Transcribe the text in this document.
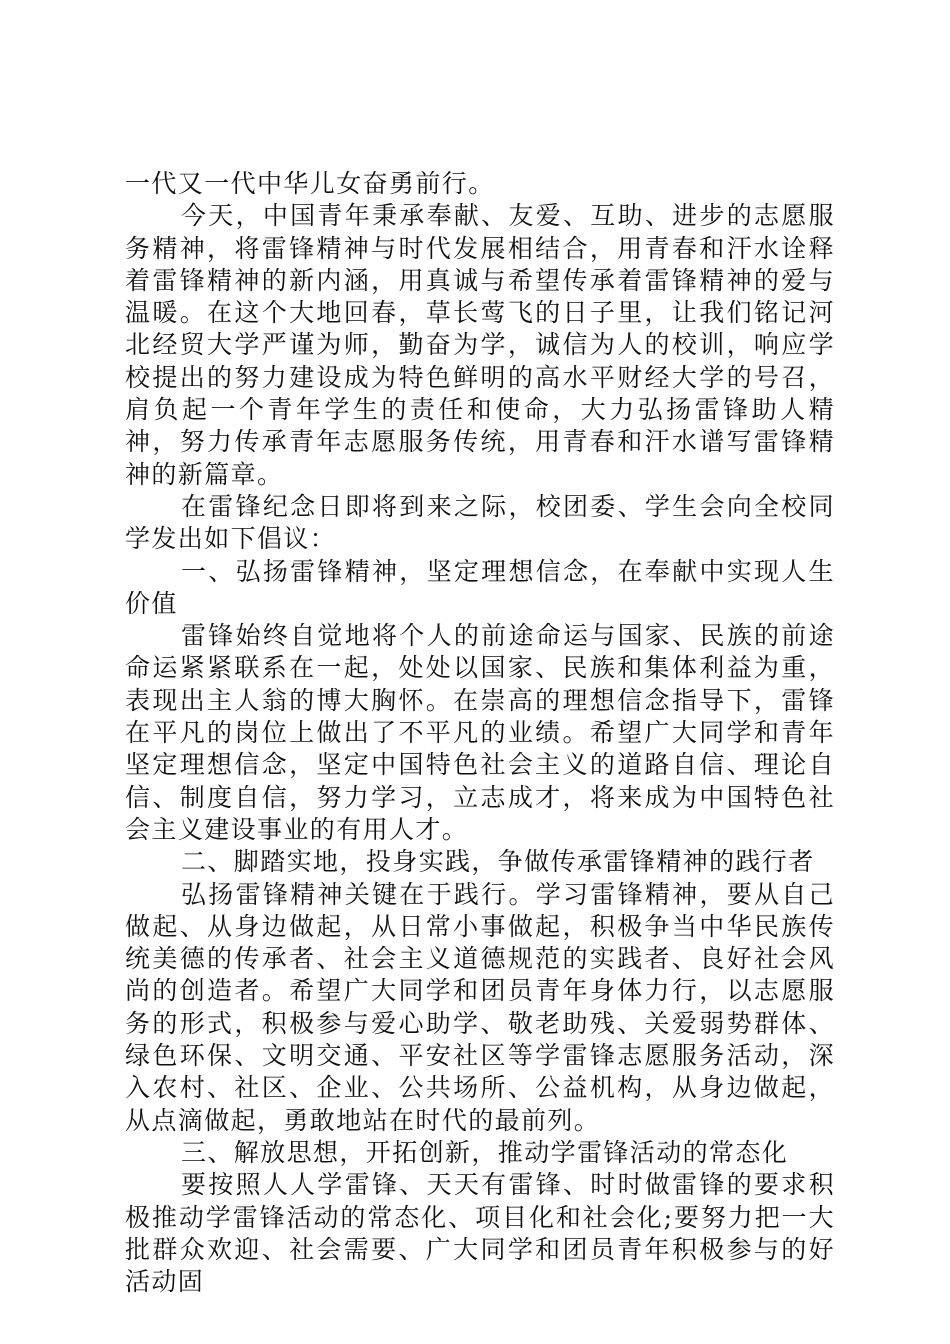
一代又一代中华儿女奋勇前行。

今天，中国青年秉承奉献、友爱、互助、进步的志愿服务精神，将雷锋精神与时代发展相结合，用青春和汗水诠释着雷锋精神的新内涵，用真诚与希望传承着雷锋精神的爱与温暖。在这个大地回春，草长莺飞的日子里，让我们铭记河北经贸大学严谨为师，勤奋为学，诚信为人的校训，响应学校提出的努力建设成为特色鲜明的高水平财经大学的号召，肩负起一个青年学生的责任和使命，大力弘扬雷锋助人精神，努力传承青年志愿服务传统，用青春和汗水谱写雷锋精神的新篇章。

在雷锋纪念日即将到来之际，校团委、学生会向全校同学发出如下倡议：

一、弘扬雷锋精神，坚定理想信念，在奉献中实现人生价值

雷锋始终自觉地将个人的前途命运与国家、民族的前途命运紧紧联系在一起，处处以国家、民族和集体利益为重，表现出主人翁的博大胸怀。在崇高的理想信念指导下，雷锋在平凡的岗位上做出了不平凡的业绩。希望广大同学和青年坚定理想信念，坚定中国特色社会主义的道路自信、理论自信、制度自信，努力学习，立志成才，将来成为中国特色社会主义建设事业的有用人才。

二、脚踏实地，投身实践，争做传承雷锋精神的践行者

弘扬雷锋精神关键在于践行。学习雷锋精神，要从自己做起、从身边做起，从日常小事做起，积极争当中华民族传统美德的传承者、社会主义道德规范的实践者、良好社会风尚的创造者。希望广大同学和团员青年身体力行，以志愿服务的形式，积极参与爱心助学、敬老助残、关爱弱势群体、绿色环保、文明交通、平安社区等学雷锋志愿服务活动，深入农村、社区、企业、公共场所、公益机构，从身边做起，从点滴做起，勇敢地站在时代的最前列。

三、解放思想，开拓创新，推动学雷锋活动的常态化

要按照人人学雷锋、天天有雷锋、时时做雷锋的要求积极推动学雷锋活动的常态化、项目化和社会化;要努力把一大批群众欢迎、社会需要、广大同学和团员青年积极参与的好活动固
